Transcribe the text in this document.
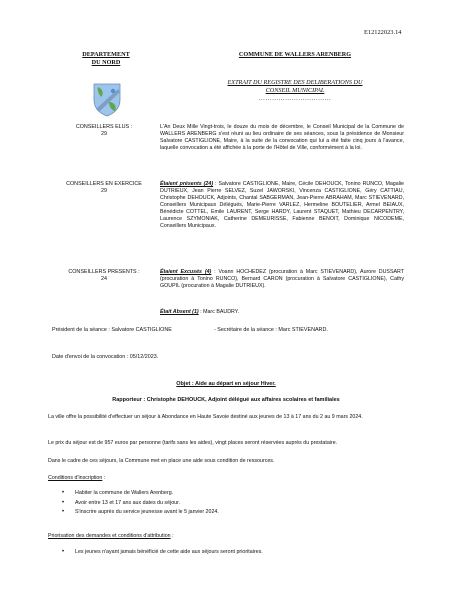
E12122023.14
DEPARTEMENT
DU NORD
COMMUNE DE WALLERS ARENBERG
EXTRAIT DU REGISTRE DES DELIBERATIONS DU
CONSEIL MUNICIPAL
……………………………
CONSEILLERS ELUS :
29
L'An Deux Mille Vingt-trois, le douze du mois de décembre, le Conseil Municipal de la Commune de WALLERS ARENBERG s'est réuni au lieu ordinaire de ses séances, sous la présidence de Monsieur Salvatore CASTIGLIONE, Maire, à la suite de la convocation qui lui a été faite cinq jours à l'avance, laquelle convocation a été affichée à la porte de l'Hôtel de Ville, conformément à la loi.
CONSEILLERS EN EXERCICE
29
Étaient présents (24) : Salvatore CASTIGLIONE, Maire, Cécile DEHOUCK, Tonino RUNCO, Magalie DUTRIEUX, Jean Pierre SELVEZ, Suzel JAWORSKI, Vincenza CASTIGLIONE, Géry CATTIAU, Christophe DEHOUCK, Adjoints, Chantal SABGERMAN, Jean-Pierre ABRAHAM, Marc STIEVENARD, Conseillers Municipaux Délégués, Marie-Pierre VARLEZ, Hermeline BOUTELIER, Armel BEIAUX, Bénédicte COTTEL, Emile LAURENT, Serge HARDY, Laurent STAQUET, Mathieu DECARPENTRY, Laurence SZYMONIAK, Catherine DEMEURISSE, Fabienne BENOIT, Dominique NICODEME, Conseillers Municipaux.
CONSEILLERS PRESENTS :
24
Étaient Excusés (4) : Voann HOCHEDEZ (procuration à Marc STIEVENARD), Aurore DUSSART (procuration à Tonino RUNCO), Bernard CARON (procuration à Salvatore CASTIGLIONE), Cathy GOUPIL (procuration à Magalie DUTRIEUX).
Était Absent (1) : Marc BAUDRY.
Président de la séance : Salvatore CASTIGLIONE	- Secrétaire de la séance : Marc STIEVENARD.
Date d'envoi de la convocation : 05/12/2023.
Objet : Aide au départ en séjour Hiver.
Rapporteur : Christophe DEHOUCK, Adjoint délégué aux affaires scolaires et familiales
La ville offre la possibilité d'effectuer un séjour à Abondance en Haute Savoie destiné aux jeunes de 13 à 17 ans du 2 au 9 mars 2024.
Le prix du séjour est de 957 euros par personne (tarifs sans les aides), vingt places seront réservées auprès du prestataire.
Dans le cadre de ces séjours, la Commune met en place une aide sous condition de ressources.
Conditions d'inscription :
• Habiter la commune de Wallers Arenberg.
• Avoir entre 13 et 17 ans aux dates du séjour.
• S'inscrire auprès du service jeunesse avant le 5 janvier 2024.
Priorisation des demandes et conditions d'attribution :
• Les jeunes n'ayant jamais bénéficié de cette aide aux séjours seront prioritaires.
